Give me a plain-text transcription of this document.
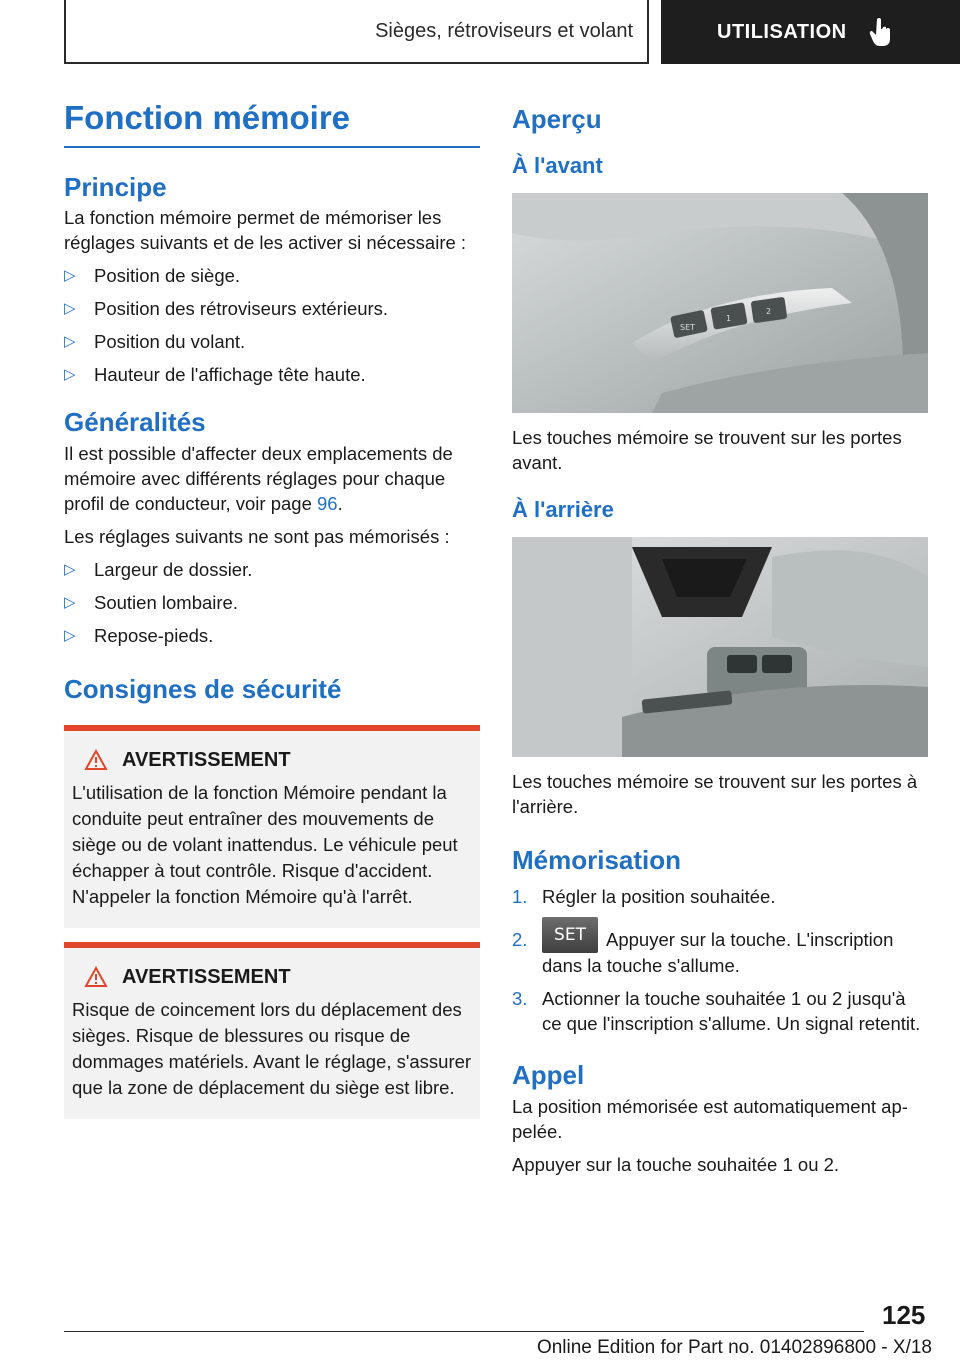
Sièges, rétroviseurs et volant	UTILISATION
Fonction mémoire
Principe

La fonction mémoire permet de mémoriser les réglages suivants et de les activer si nécessaire :

▷ Position de siège.
▷ Position des rétroviseurs extérieurs.
▷ Position du volant.
▷ Hauteur de l'affichage tête haute.
Généralités

Il est possible d'affecter deux emplacements de mémoire avec différents réglages pour chaque profil de conducteur, voir page 96.

Les réglages suivants ne sont pas mémorisés :

▷ Largeur de dossier.
▷ Soutien lombaire.
▷ Repose-pieds.
Consignes de sécurité
AVERTISSEMENT

L'utilisation de la fonction Mémoire pendant la conduite peut entraîner des mouvements de siège ou de volant inattendus. Le véhicule peut échapper à tout contrôle. Risque d'accident. N'appeler la fonction Mémoire qu'à l'arrêt.

AVERTISSEMENT

Risque de coincement lors du déplacement des sièges. Risque de blessures ou risque de dommages matériels. Avant le réglage, s'assurer que la zone de déplacement du siège est libre.

Aperçu
À l'avant
SET
1
2

Les touches mémoire se trouvent sur les portes avant.

À l'arrière

Les touches mémoire se trouvent sur les portes à l'arrière.

Mémorisation
1. Régler la position souhaitée.
2. SET Appuyer sur la touche. L'inscription dans la touche s'allume.
3. Actionner la touche souhaitée 1 ou 2 jusqu'à ce que l'inscription s'allume. Un signal retentit.
Appel

La position mémorisée est automatiquement appelée.

Appuyer sur la touche souhaitée 1 ou 2.

125
Online Edition for Part no. 01402896800 - X/18
